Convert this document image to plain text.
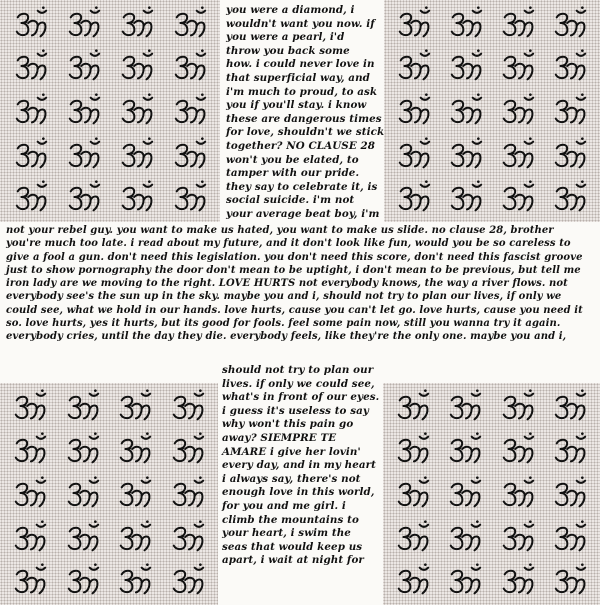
you were a diamond, i
wouldn't want you now. if
you were a pearl, i'd
throw you back some
how. i could never love in
that superficial way, and
i'm much to proud, to ask
you if you'll stay. i know
these are dangerous times
for love, shouldn't we stick
together? NO CLAUSE 28
won't you be elated, to
tamper with our pride.
they say to celebrate it, is
social suicide. i'm not
your average beat boy, i'm
not your rebel guy. you want to make us hated, you want to make us slide. no clause 28, brother
you're much too late. i read about my future, and it don't look like fun, would you be so careless to
give a fool a gun. don't need this legislation. you don't need this score, don't need this fascist groove
just to show pornography the door don't mean to be uptight, i don't mean to be previous, but tell me
iron lady are we moving to the right. LOVE HURTS not everybody knows, the way a river flows. not
everybody see's the sun up in the sky. maybe you and i, should not try to plan our lives, if only we
could see, what we hold in our hands. love hurts, cause you can't let go. love hurts, cause you need it
so. love hurts, yes it hurts, but its good for fools. feel some pain now, still you wanna try it again.
everybody cries, until the day they die. everybody feels, like they're the only one. maybe you and i,
should not try to plan our
lives. if only we could see,
what's in front of our eyes.
i guess it's useless to say
why won't this pain go
away? SIEMPRE TE
AMARE i give her lovin'
every day, and in my heart
i always say, there's not
enough love in this world,
for you and me girl. i
climb the mountains to
your heart, i swim the
seas that would keep us
apart, i wait at night for
